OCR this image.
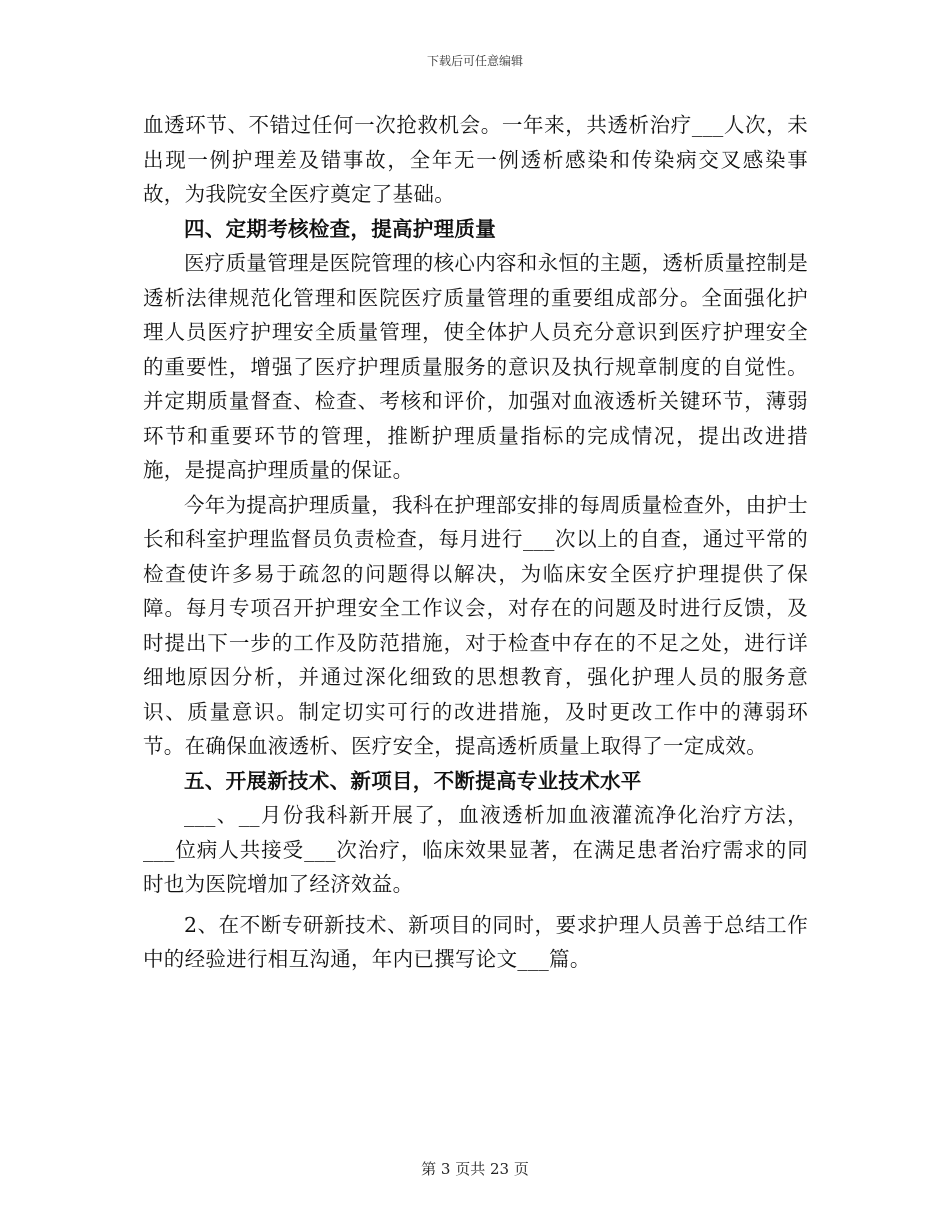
下载后可任意编辑

血透环节、不错过任何一次抢救机会。一年来，共透析治疗___人次，未出现一例护理差及错事故，全年无一例透析感染和传染病交叉感染事故，为我院安全医疗奠定了基础。

四、定期考核检查，提高护理质量

医疗质量管理是医院管理的核心内容和永恒的主题，透析质量控制是透析法律规范化管理和医院医疗质量管理的重要组成部分。全面强化护理人员医疗护理安全质量管理，使全体护人员充分意识到医疗护理安全的重要性，增强了医疗护理质量服务的意识及执行规章制度的自觉性。并定期质量督查、检查、考核和评价，加强对血液透析关键环节，薄弱环节和重要环节的管理，推断护理质量指标的完成情况，提出改进措施，是提高护理质量的保证。

今年为提高护理质量，我科在护理部安排的每周质量检查外，由护士长和科室护理监督员负责检查，每月进行___次以上的自查，通过平常的检查使许多易于疏忽的问题得以解决，为临床安全医疗护理提供了保障。每月专项召开护理安全工作议会，对存在的问题及时进行反馈，及时提出下一步的工作及防范措施，对于检查中存在的不足之处，进行详细地原因分析，并通过深化细致的思想教育，强化护理人员的服务意识、质量意识。制定切实可行的改进措施，及时更改工作中的薄弱环节。在确保血液透析、医疗安全，提高透析质量上取得了一定成效。

五、开展新技术、新项目，不断提高专业技术水平

___、__月份我科新开展了，血液透析加血液灌流净化治疗方法，___位病人共接受___次治疗，临床效果显著，在满足患者治疗需求的同时也为医院增加了经济效益。

2、在不断专研新技术、新项目的同时，要求护理人员善于总结工作中的经验进行相互沟通，年内已撰写论文___篇。

第 3 页共 23 页
